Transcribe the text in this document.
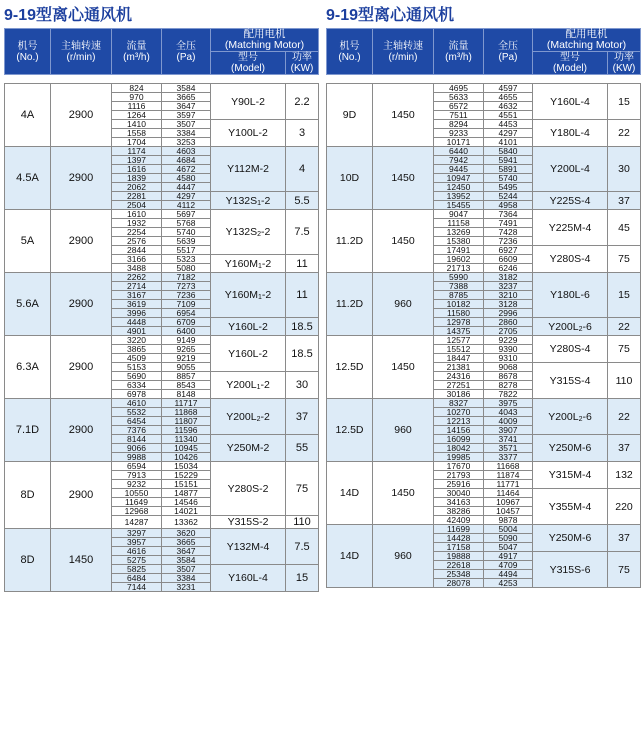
9-19型离心通风机
机号
(No.)	主轴转速
(r/min)	流量
(m³/h)	全压
(Pa)	配用电机
(Matching Motor)	
				型号
(Model)	功率
(KW)

4A	2900	824	3584	Y90L-2	2.2
		970	3665		
		1116	3647		
		1264	3597		
		1410	3507	Y100L-2	3
		1558	3384		
		1704	3253		
4.5A	2900	1174	4603	Y112M-2	4
		1397	4684		
		1616	4672		
		1839	4580		
		2062	4447		
		2281	4297	$Y132S_1-2$	5.5
		2504	4112		
5A	2900	1610	5697	$Y132S_2-2$	7.5
		1932	5768		
		2254	5740		
		2576	5639		
		2844	5517		
		3166	5323	$Y160M_1-2$	11
		3488	5080		
5.6A	2900	2262	7182	$Y160M_1-2$	11
		2714	7273		
		3167	7236		
		3619	7109		
		3996	6954		
		4448	6709	Y160L-2	18.5
		4901	6400		
6.3A	2900	3220	9149	Y160L-2	18.5
		3865	9265		
		4509	9219		
		5153	9055		
		5690	8857	$Y200L_1-2$	30
		6334	8543		
		6978	8148		
7.1D	2900	4610	11717	$Y200L_2-2$	37
		5532	11868		
		6454	11807		
		7376	11596		
		8144	11340	Y250M-2	55
		9066	10945		
		9988	10426		
8D	2900	6594	15034	Y280S-2	75
		7913	15229		
		9232	15151		
		10550	14877		
		11649	14546		
		12968	14021		
		14287	13362	Y315S-2	110
8D	1450	3297	3620	Y132M-4	7.5
		3957	3665		
		4616	3647		
		5275	3584		
		5825	3507	Y160L-4	15
		6484	3384		
		7144	3231		
9-19型离心通风机
机号
(No.)	主轴转速
(r/min)	流量
(m³/h)	全压
(Pa)	配用电机
(Matching Motor)	
				型号
(Model)	功率
(KW)

9D	1450	4695	4597	Y160L-4	15
		5633	4655		
		6572	4632		
		7511	4551		
		8294	4453	Y180L-4	22
		9233	4297		
		10171	4101		
10D	1450	6440	5840	Y200L-4	30
		7942	5941		
		9445	5891		
		10947	5740		
		12450	5495		
		13952	5244	Y225S-4	37
		15455	4958		
11.2D	1450	9047	7364	Y225M-4	45
		11158	7491		
		13269	7428		
		15380	7236		
		17491	6927	Y280S-4	75
		19602	6609		
		21713	6246		
11.2D	960	5990	3182	Y180L-6	15
		7388	3237		
		8785	3210		
		10182	3128		
		11580	2996		
		12978	2860	$Y200L_2-6$	22
		14375	2705		
12.5D	1450	12577	9229	Y280S-4	75
		15512	9390		
		18447	9310		
		21381	9068	Y315S-4	110
		24316	8678		
		27251	8278		
		30186	7822		
12.5D	960	8327	3975	$Y200L_2-6$	22
		10270	4043		
		12213	4009		
		14156	3907		
		16099	3741	Y250M-6	37
		18042	3571		
		19985	3377		
14D	1450	17670	11668	Y315M-4	132
		21793	11874		
		25916	11771		
		30040	11464	Y355M-4	220
		34163	10967		
		38286	10457		
		42409	9878		
14D	960	11699	5004	Y250M-6	37
		14428	5090		
		17158	5047		
		19888	4917	Y315S-6	75
		22618	4709		
		25348	4494		
		28078	4253		
